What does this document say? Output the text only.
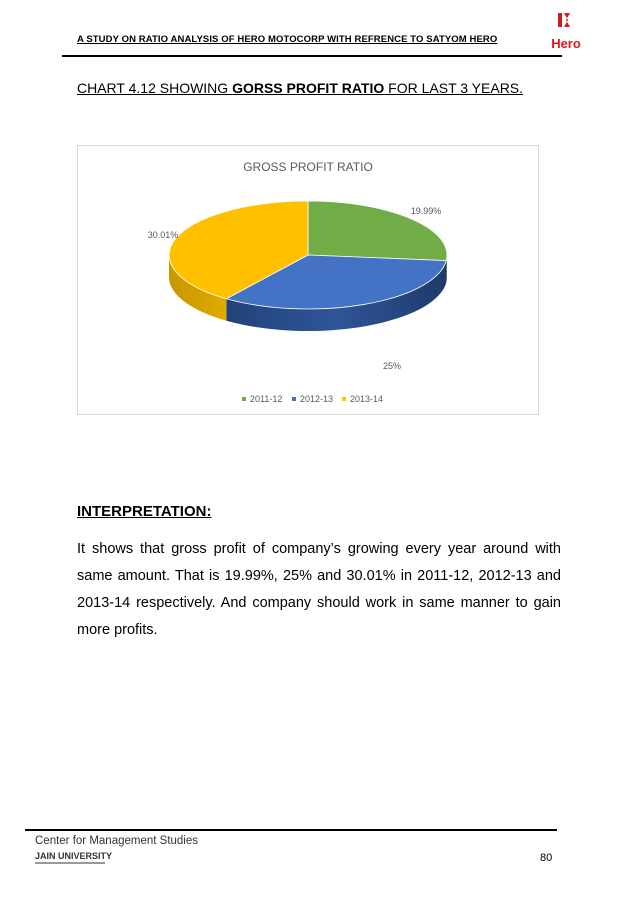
A STUDY ON RATIO ANALYSIS OF HERO MOTOCORP WITH REFRENCE TO SATYOM HERO	Hero
CHART 4.12 SHOWING GORSS PROFIT RATIO FOR LAST 3 YEARS.
GROSS PROFIT RATIO
19.99%
25%
30.01%
2011-12 2012-13 2013-14
INTERPRETATION:
It shows that gross profit of company’s growing every year around with same amount. That is 19.99%, 25% and 30.01% in 2011-12, 2012-13 and 2013-14 respectively. And company should work in same manner to gain more profits.
Center for Management Studies
JAIN UNIVERSITY	80
